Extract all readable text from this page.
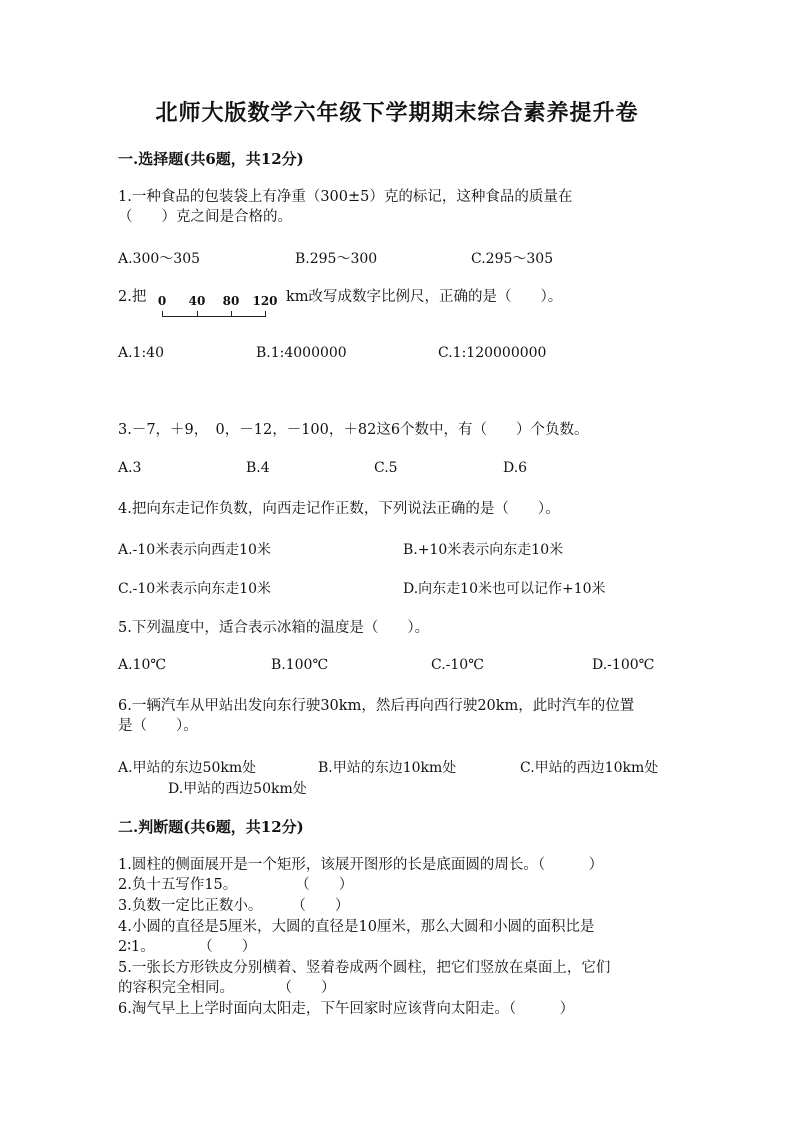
北师大版数学六年级下学期期末综合素养提升卷
一.选择题(共6题，共12分)
1.一种食品的包装袋上有净重（300±5）克的标记，这种食品的质量在
（　　）克之间是合格的。
A.300～305	B.295～300	C.295～305
2.把 0 40 80 120 km改写成数字比例尺，正确的是（　　）。
A.1:40	B.1:4000000	C.1:120000000
3.－7，＋9，　0，－12，－100，＋82这6个数中，有（　　）个负数。
A.3	B.4	C.5	D.6
4.把向东走记作负数，向西走记作正数，下列说法正确的是（　　）。
A.-10米表示向西走10米	B.+10米表示向东走10米
C.-10米表示向东走10米	D.向东走10米也可以记作+10米
5.下列温度中，适合表示冰箱的温度是（　　）。
A.10℃	B.100℃	C.-10℃	D.-100℃
6.一辆汽车从甲站出发向东行驶30km，然后再向西行驶20km，此时汽车的位置
是（　　）。
A.甲站的东边50km处	B.甲站的东边10km处	C.甲站的西边10km处
D.甲站的西边50km处
二.判断题(共6题，共12分)
1.圆柱的侧面展开是一个矩形，该展开图形的长是底面圆的周长。（　　　）
2.负十五写作15。　　　　　（　　）
3.负数一定比正数小。　　　（　　）
4.小圆的直径是5厘米，大圆的直径是10厘米，那么大圆和小圆的面积比是
2∶1。　　　　（　　）
5.一张长方形铁皮分别横着、竖着卷成两个圆柱，把它们竖放在桌面上，它们
的容积完全相同。　　　　（　　）
6.淘气早上上学时面向太阳走，下午回家时应该背向太阳走。（　　　）
